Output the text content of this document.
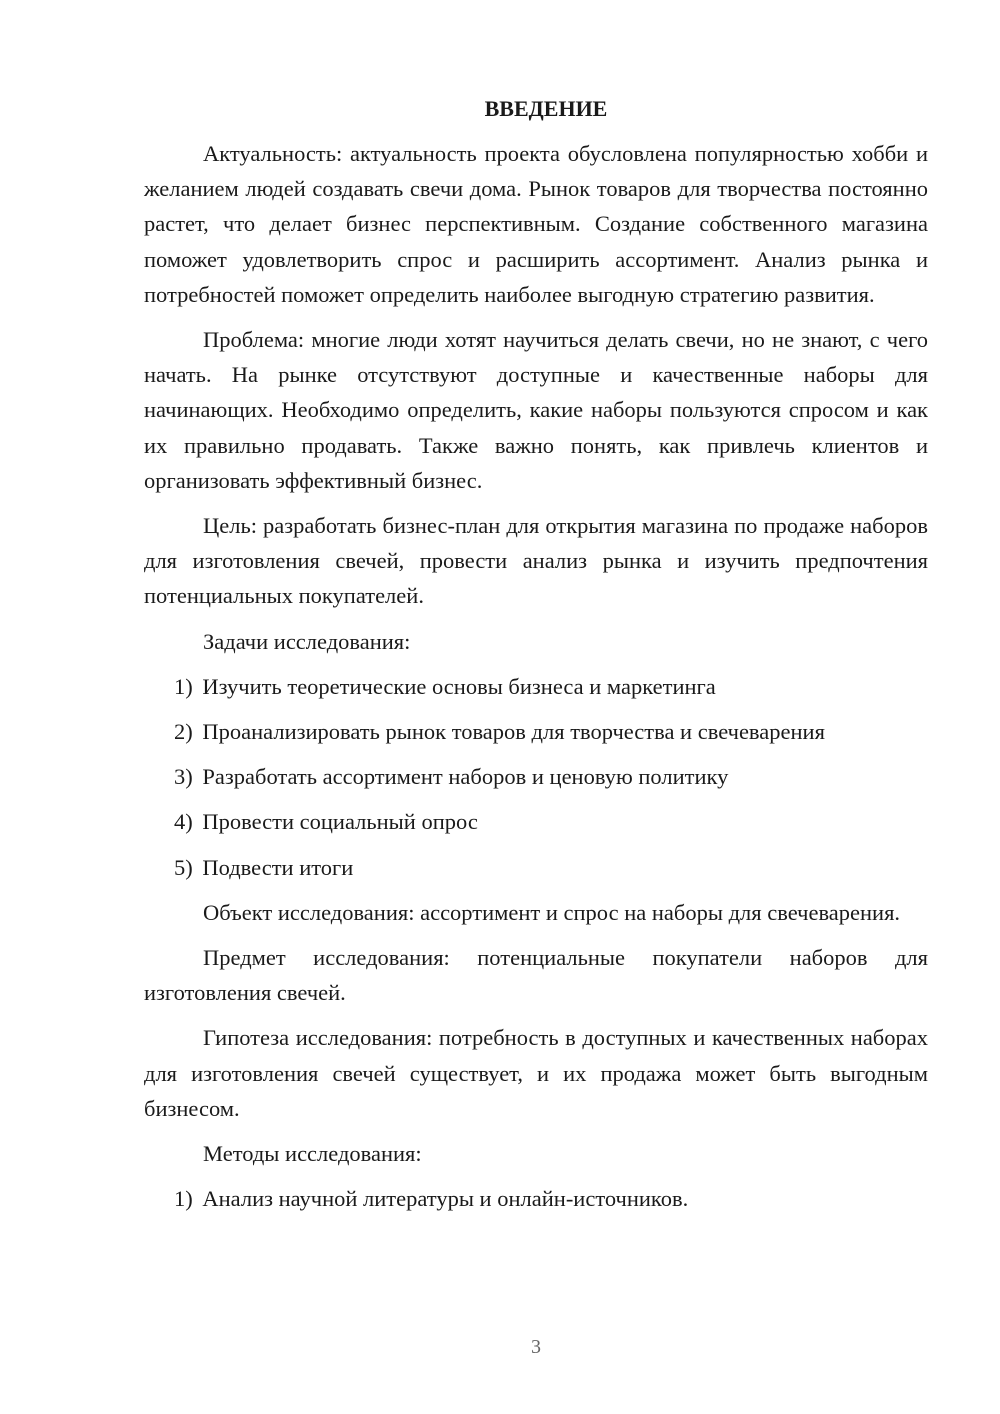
ВВЕДЕНИЕ

Актуальность: актуальность проекта обусловлена популярностью хобби и желанием людей создавать свечи дома. Рынок товаров для творчества постоянно растет, что делает бизнес перспективным. Создание собственного магазина поможет удовлетворить спрос и расширить ассортимент. Анализ рынка и потребностей поможет определить наиболее выгодную стратегию развития.

Проблема: многие люди хотят научиться делать свечи, но не знают, с чего начать. На рынке отсутствуют доступные и качественные наборы для начинающих. Необходимо определить, какие наборы пользуются спросом и как их правильно продавать. Также важно понять, как привлечь клиентов и организовать эффективный бизнес.

Цель: разработать бизнес-план для открытия магазина по продаже наборов для изготовления свечей, провести анализ рынка и изучить предпочтения потенциальных покупателей.

Задачи исследования:

1) Изучить теоретические основы бизнеса и маркетинга
2) Проанализировать рынок товаров для творчества и свечеварения
3) Разработать ассортимент наборов и ценовую политику
4) Провести социальный опрос
5) Подвести итоги

Объект исследования: ассортимент и спрос на наборы для свечеварения.

Предмет исследования: потенциальные покупатели наборов для изготовления свечей.

Гипотеза исследования: потребность в доступных и качественных наборах для изготовления свечей существует, и их продажа может быть выгодным бизнесом.

Методы исследования:

1) Анализ научной литературы и онлайн-источников.
3
